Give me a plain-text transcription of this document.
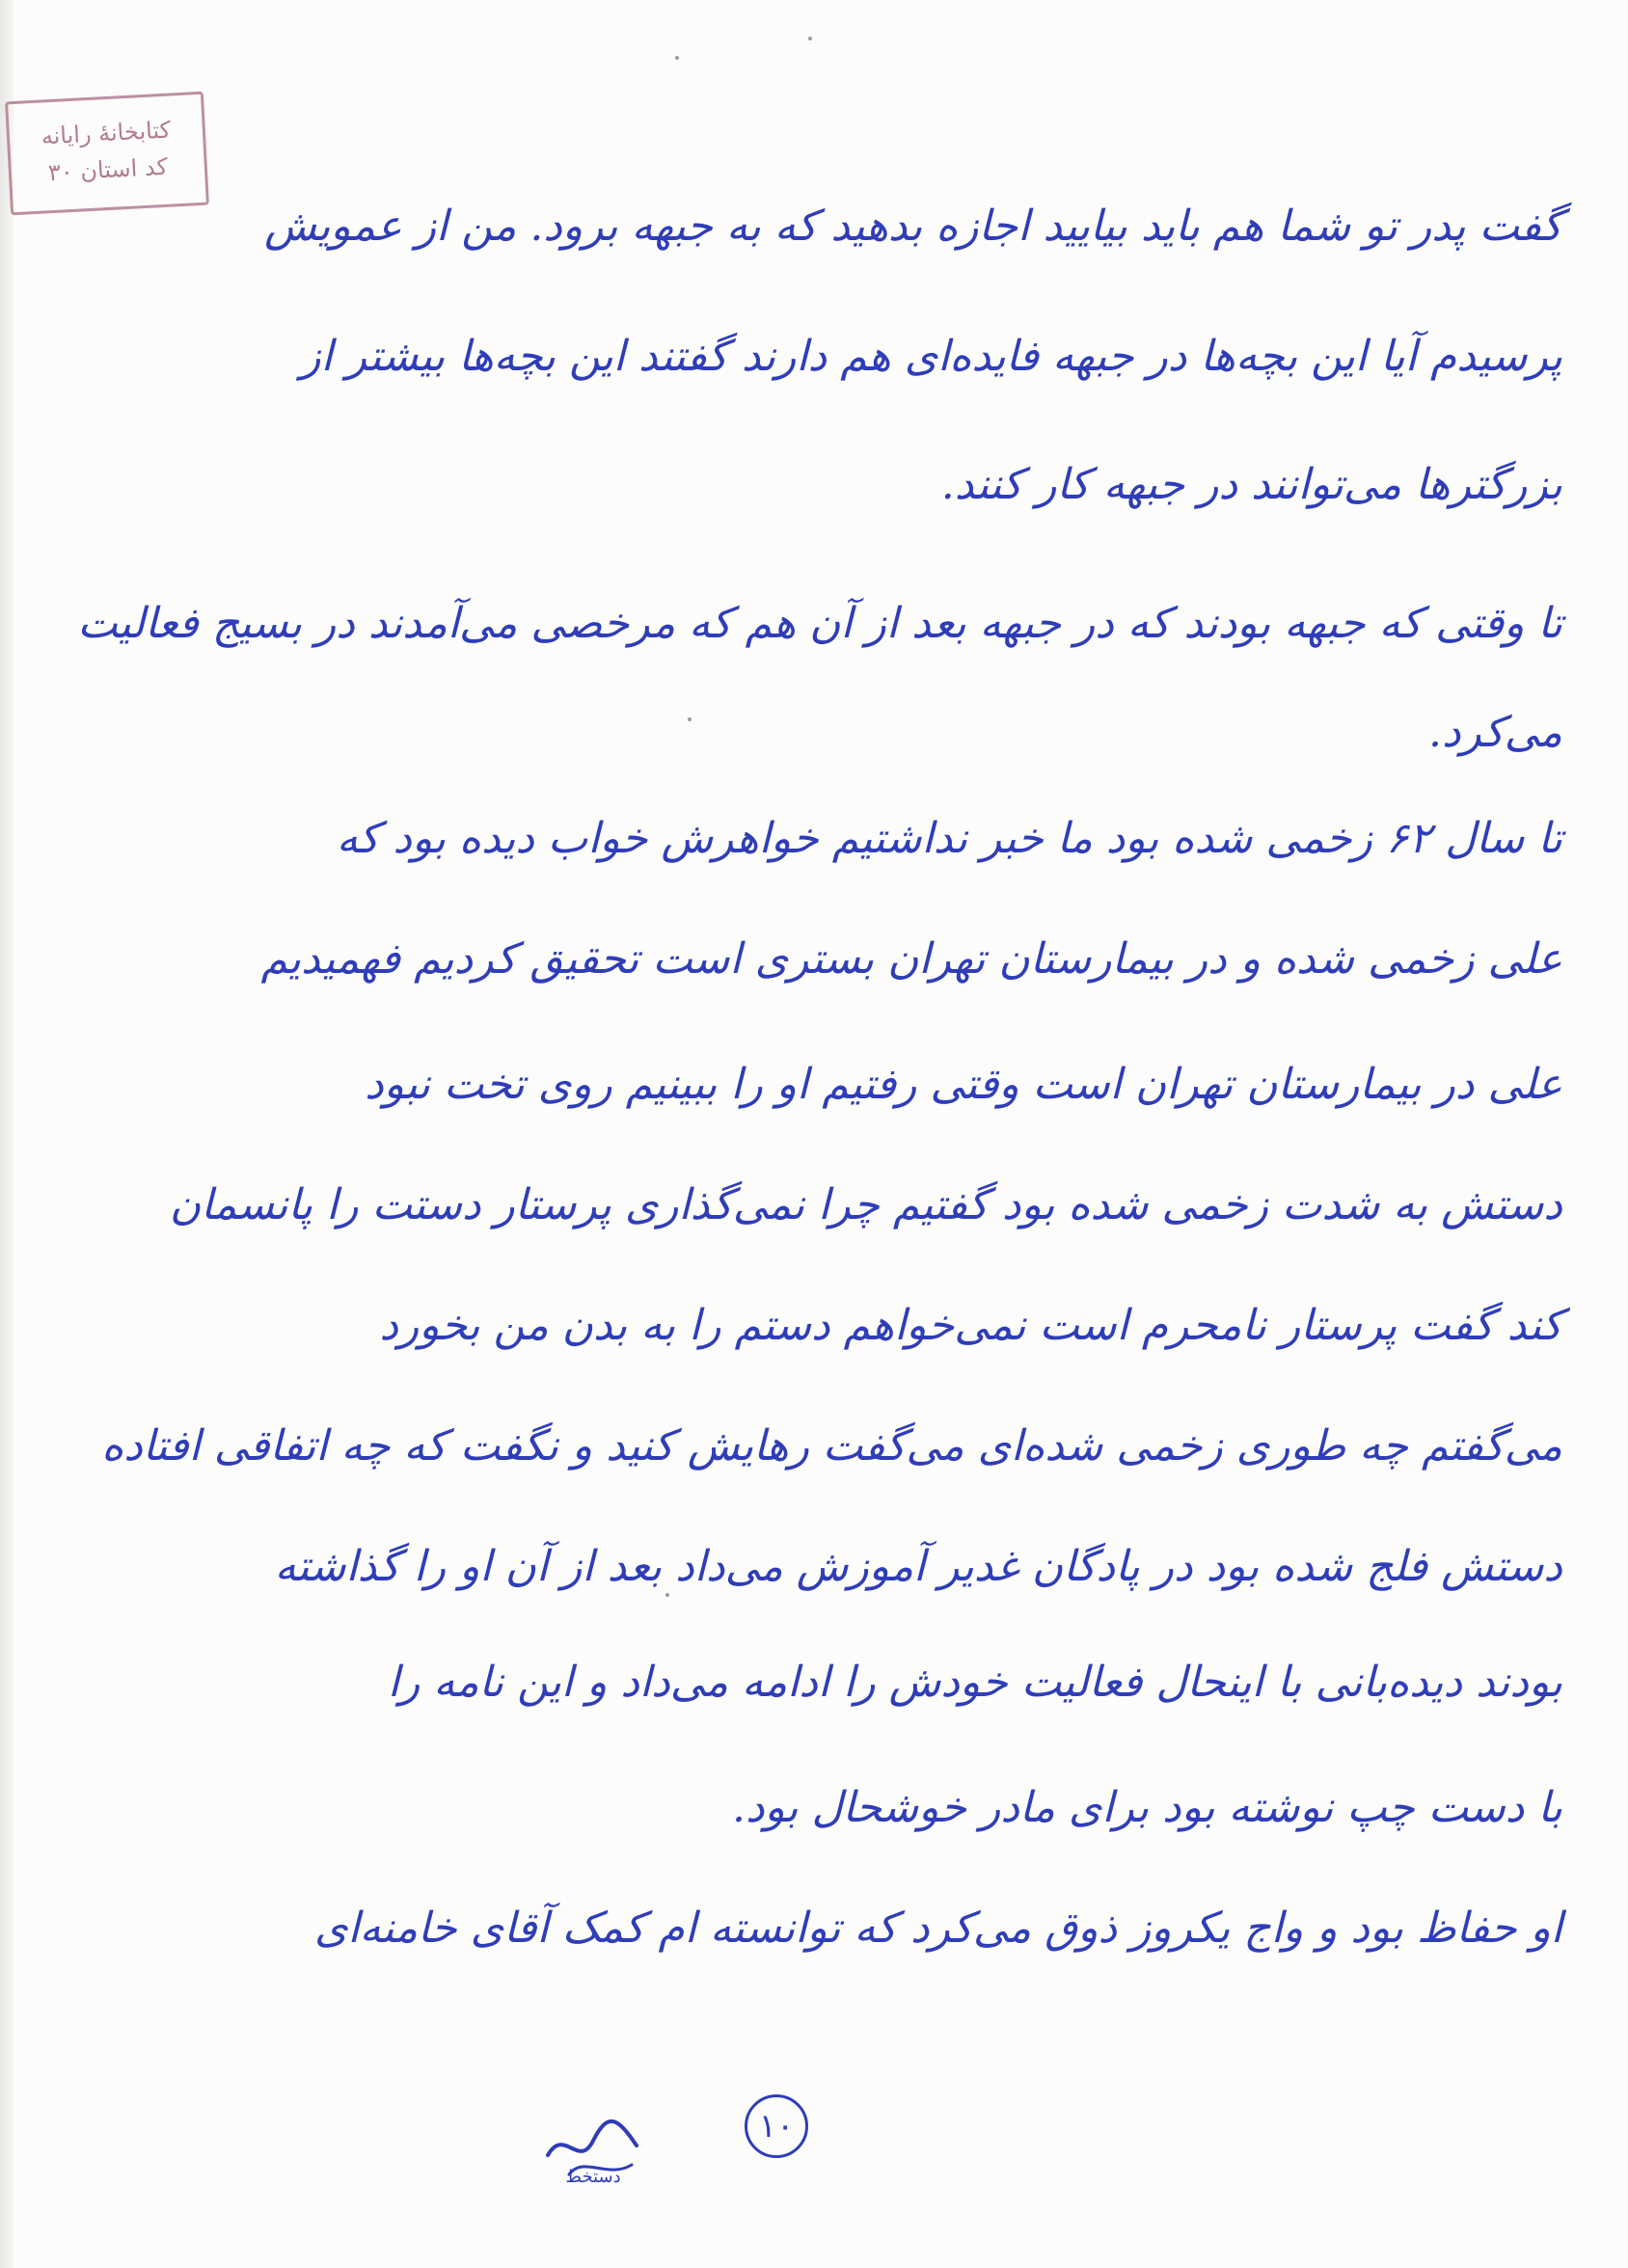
کتابخانهٔ رایانه
کد استان ۳۰
گفت پدر تو شما هم باید بیایید اجازه بدهید که به جبهه برود. من از عمویش
پرسیدم آیا این بچه‌ها در جبهه فایده‌ای هم دارند گفتند این بچه‌ها بیشتر از
بزرگترها می‌توانند در جبهه کار کنند.
تا وقتی که جبهه بودند که در جبهه بعد از آن هم که مرخصی می‌آمدند در بسیج فعالیت
می‌کرد.
تا سال ۶۲ زخمی شده بود ما خبر نداشتیم خواهرش خواب دیده بود که
علی زخمی شده و در بیمارستان تهران بستری است تحقیق کردیم فهمیدیم
علی در بیمارستان تهران است وقتی رفتیم او را ببینیم روی تخت نبود
دستش به شدت زخمی شده بود گفتیم چرا نمی‌گذاری پرستار دستت را پانسمان
کند گفت پرستار نامحرم است نمی‌خواهم دستم را به بدن من بخورد
می‌گفتم چه طوری زخمی شده‌ای می‌گفت رهایش کنید و نگفت که چه اتفاقی افتاده
دستش فلج شده بود در پادگان غدیر آموزش می‌داد بعد از آن او را گذاشته
بودند دیده‌بانی با اینحال فعالیت خودش را ادامه می‌داد و این نامه را
با دست چپ نوشته بود برای مادر خوشحال بود.
او حفاظ بود و واج یکروز ذوق می‌کرد که توانسته ام کمک آقای خامنه‌ای
دستخط
۱۰
